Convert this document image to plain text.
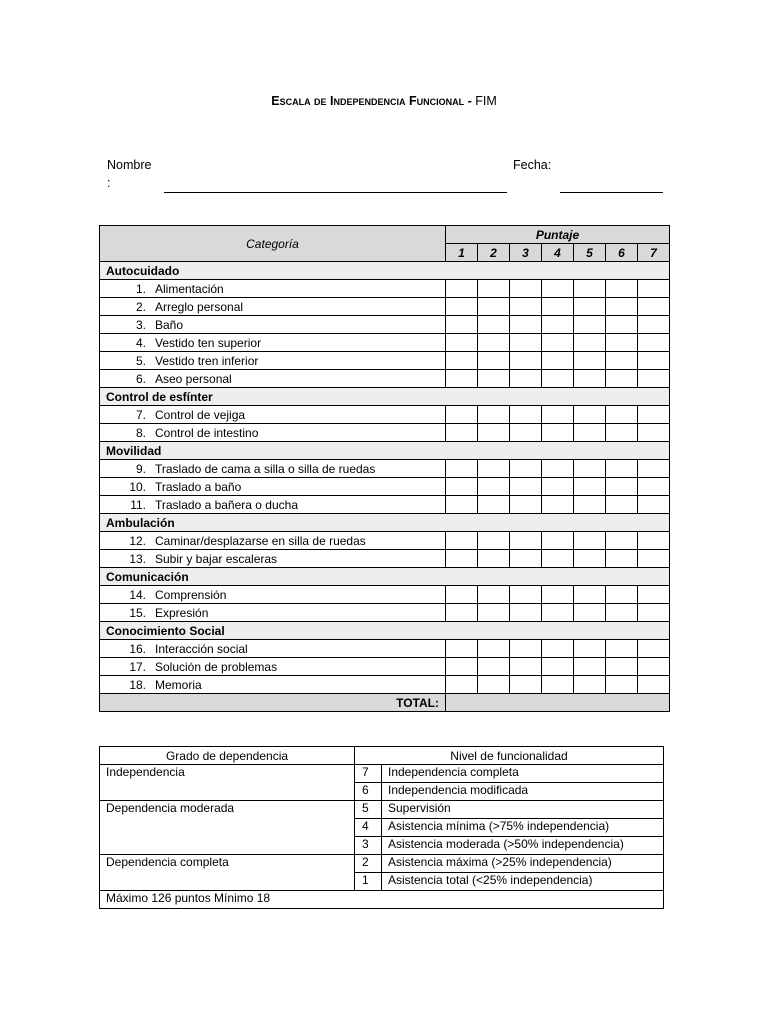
Escala de Independencia Funcional - FIM
Nombre
:
Fecha:
Categoría	Puntaje						
	1	2	3	4	5	6	7
Autocuidado							
1. Alimentación							
2. Arreglo personal							
3. Baño							
4. Vestido ten superior							
5. Vestido tren inferior							
6. Aseo personal							
Control de esfínter							
7. Control de vejiga							
8. Control de intestino							
Movilidad							
9. Traslado de cama a silla o silla de ruedas							
10. Traslado a baño							
11. Traslado a bañera o ducha							
Ambulación							
12. Caminar/desplazarse en silla de ruedas							
13. Subir y bajar escaleras							
Comunicación							
14. Comprensión							
15. Expresión							
Conocimiento Social							
16. Interacción social							
17. Solución de problemas							
18. Memoria							
TOTAL:							
Grado de dependencia	Nivel de funcionalidad	
Independencia	7	Independencia completa
	6	Independencia modificada
Dependencia moderada	5	Supervisión
	4	Asistencia mínima (>75% independencia)
	3	Asistencia moderada (>50% independencia)
Dependencia completa	2	Asistencia máxima (>25% independencia)
	1	Asistencia total (<25% independencia)
Máximo 126 puntos Mínimo 18		
